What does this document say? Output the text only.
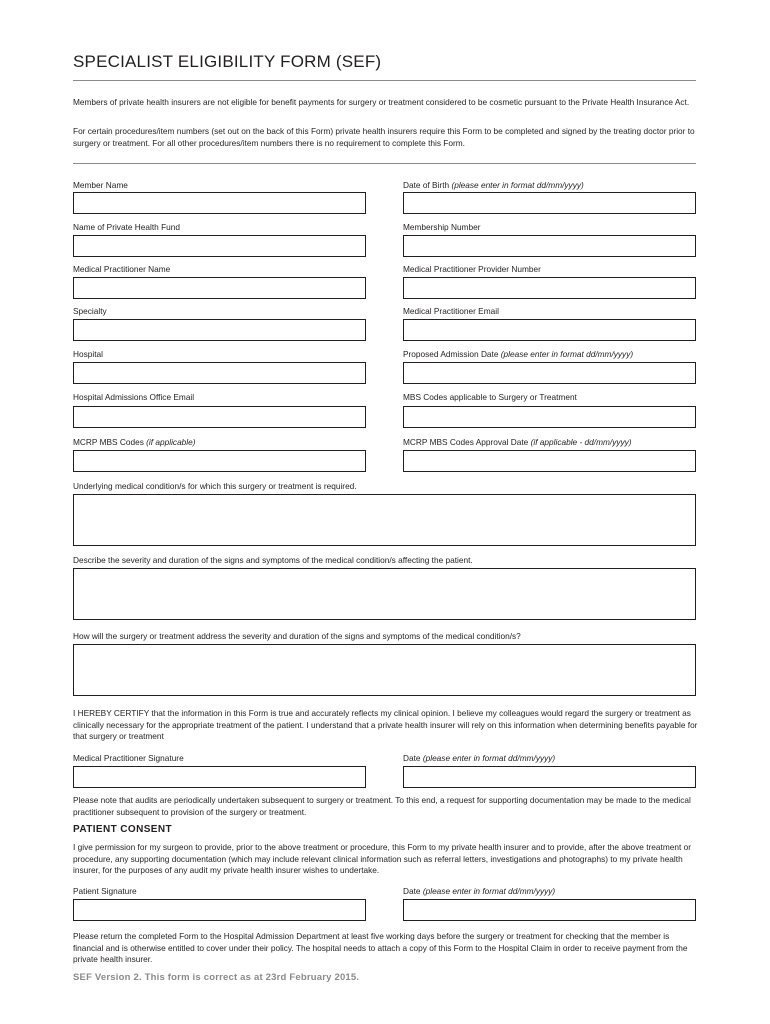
SPECIALIST ELIGIBILITY FORM (SEF)
Members of private health insurers are not eligible for benefit payments for surgery or treatment considered to be cosmetic pursuant to the Private Health Insurance Act.
For certain procedures/item numbers (set out on the back of this Form) private health insurers require this Form to be completed and signed by the treating doctor prior to surgery or treatment. For all other procedures/item numbers there is no requirement to complete this Form.
Member Name	Date of Birth (please enter in format dd/mm/yyyy)
Name of Private Health Fund	Membership Number
Medical Practitioner Name	Medical Practitioner Provider Number
Specialty	Medical Practitioner Email
Hospital	Proposed Admission Date (please enter in format dd/mm/yyyy)
Hospital Admissions Office Email	MBS Codes applicable to Surgery or Treatment
MCRP MBS Codes (if applicable)	MCRP MBS Codes Approval Date (if applicable - dd/mm/yyyy)
Underlying medical condition/s for which this surgery or treatment is required.
Describe the severity and duration of the signs and symptoms of the medical condition/s affecting the patient.
How will the surgery or treatment address the severity and duration of the signs and symptoms of the medical condition/s?
I HEREBY CERTIFY that the information in this Form is true and accurately reflects my clinical opinion. I believe my colleagues would regard the surgery or treatment as clinically necessary for the appropriate treatment of the patient. I understand that a private health insurer will rely on this information when determining benefits payable for that surgery or treatment
Medical Practitioner Signature	Date (please enter in format dd/mm/yyyy)
Please note that audits are periodically undertaken subsequent to surgery or treatment. To this end, a request for supporting documentation may be made to the medical practitioner subsequent to provision of the surgery or treatment.
PATIENT CONSENT
I give permission for my surgeon to provide, prior to the above treatment or procedure, this Form to my private health insurer and to provide, after the above treatment or procedure, any supporting documentation (which may include relevant clinical information such as referral letters, investigations and photographs) to my private health insurer, for the purposes of any audit my private health insurer wishes to undertake.
Patient Signature	Date (please enter in format dd/mm/yyyy)
Please return the completed Form to the Hospital Admission Department at least five working days before the surgery or treatment for checking that the member is financial and is otherwise entitled to cover under their policy. The hospital needs to attach a copy of this Form to the Hospital Claim in order to receive payment from the private health insurer.
SEF Version 2. This form is correct as at 23rd February 2015.
